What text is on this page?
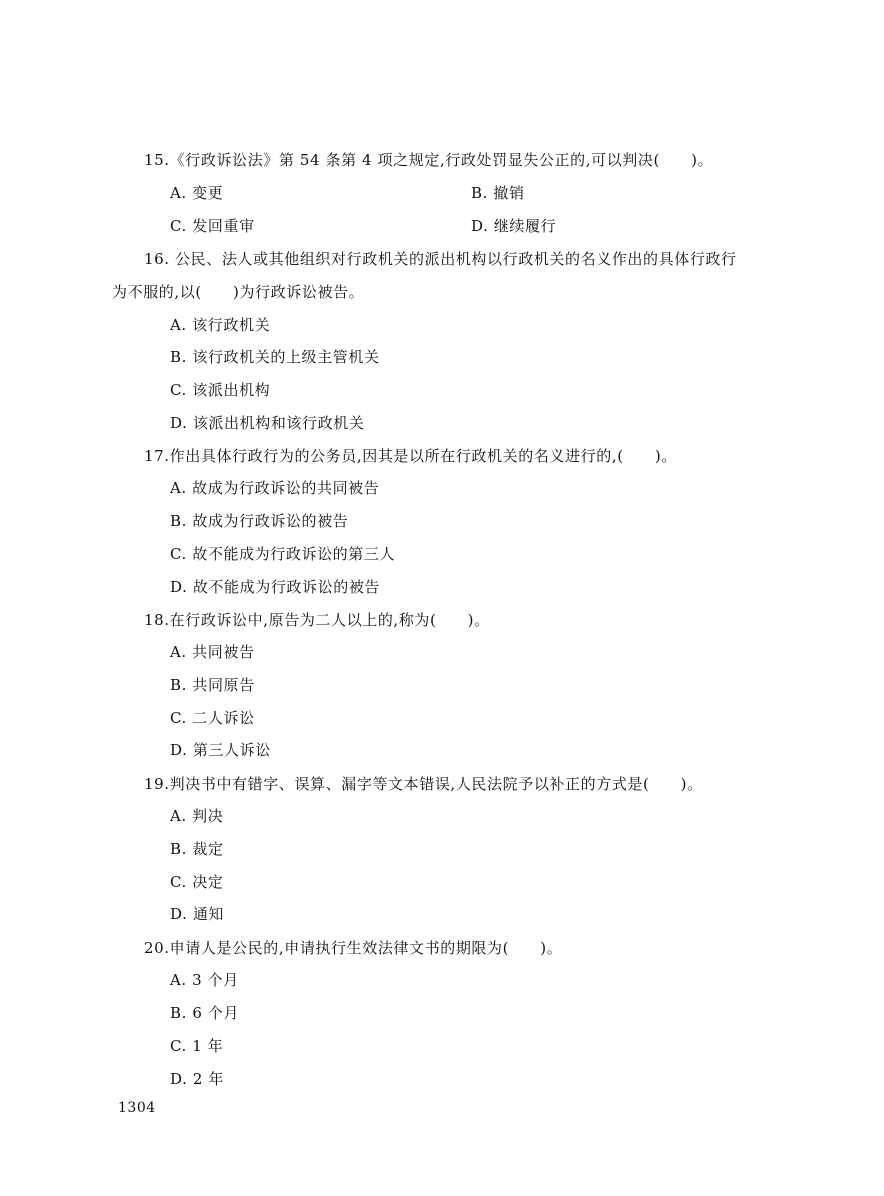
15.《行政诉讼法》第 54 条第 4 项之规定,行政处罚显失公正的,可以判决(　　)。
A. 变更	B. 撤销
C. 发回重审	D. 继续履行
16. 公民、法人或其他组织对行政机关的派出机构以行政机关的名义作出的具体行政行
为不服的,以(　　)为行政诉讼被告。
A. 该行政机关
B. 该行政机关的上级主管机关
C. 该派出机构
D. 该派出机构和该行政机关
17.作出具体行政行为的公务员,因其是以所在行政机关的名义进行的,(　　)。
A. 故成为行政诉讼的共同被告
B. 故成为行政诉讼的被告
C. 故不能成为行政诉讼的第三人
D. 故不能成为行政诉讼的被告
18.在行政诉讼中,原告为二人以上的,称为(　　)。
A. 共同被告
B. 共同原告
C. 二人诉讼
D. 第三人诉讼
19.判决书中有错字、误算、漏字等文本错误,人民法院予以补正的方式是(　　)。
A. 判决
B. 裁定
C. 决定
D. 通知
20.申请人是公民的,申请执行生效法律文书的期限为(　　)。
A. 3 个月
B. 6 个月
C. 1 年
D. 2 年
1304
